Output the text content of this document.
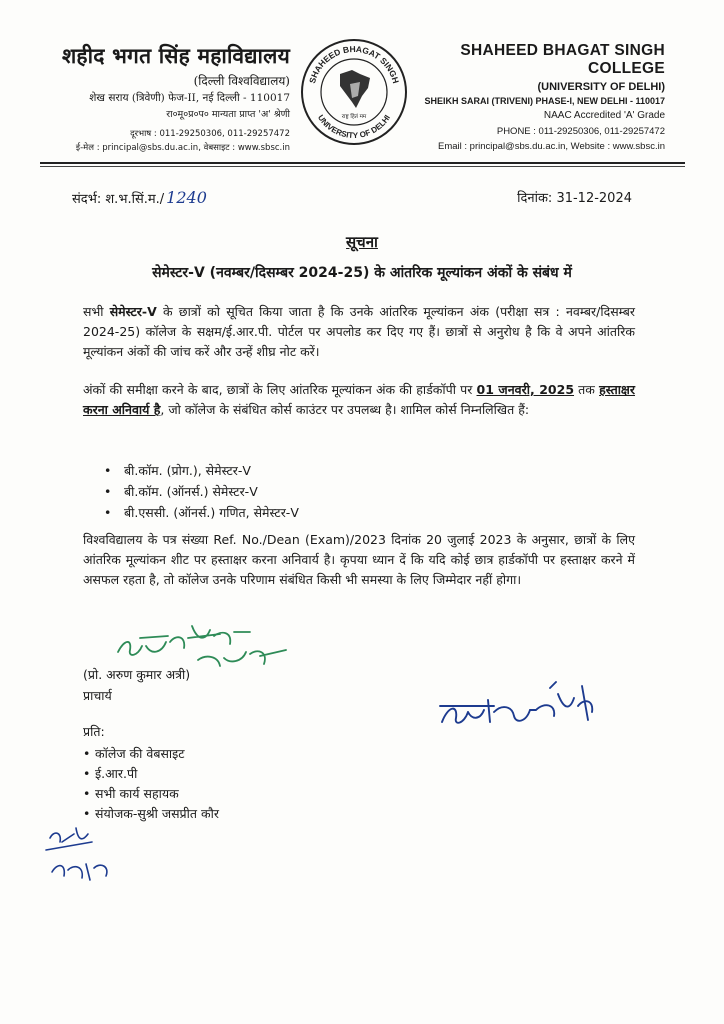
शहीद भगत सिंह महाविद्यालय
(दिल्ली विश्वविद्यालय)
शेख सराय (त्रिवेणी) फेज-II, नई दिल्ली - 110017
रा०मू०प्र०प० मान्यता प्राप्त 'अ' श्रेणी
दूरभाष : 011-29250306, 011-29257472
ई-मेल : principal@sbs.du.ac.in, वेबसाइट : www.sbsc.in
SHAHEED BHAGAT SINGH
UNIVERSITY OF DELHI
राष्ट्र हितं मम
SHAHEED BHAGAT SINGH COLLEGE
(UNIVERSITY OF DELHI)
SHEIKH SARAI (TRIVENI) PHASE-I, NEW DELHI - 110017
NAAC Accredited 'A' Grade
PHONE : 011-29250306, 011-29257472
Email : principal@sbs.du.ac.in, Website : www.sbsc.in
संदर्भ: श.भ.सिं.म./ 1240	दिनांक: 31-12-2024
सूचना
सेमेस्टर-V (नवम्बर/दिसम्बर 2024-25) के आंतरिक मूल्यांकन अंकों के संबंध में
सभी सेमेस्टर-V के छात्रों को सूचित किया जाता है कि उनके आंतरिक मूल्यांकन अंक (परीक्षा सत्र : नवम्बर/दिसम्बर 2024-25) कॉलेज के सक्षम/ई.आर.पी. पोर्टल पर अपलोड कर दिए गए हैं। छात्रों से अनुरोध है कि वे अपने आंतरिक मूल्यांकन अंकों की जांच करें और उन्हें शीघ्र नोट करें।
अंकों की समीक्षा करने के बाद, छात्रों के लिए आंतरिक मूल्यांकन अंक की हार्डकॉपी पर 01 जनवरी, 2025 तक हस्ताक्षर करना अनिवार्य है, जो कॉलेज के संबंधित कोर्स काउंटर पर उपलब्ध है। शामिल कोर्स निम्नलिखित हैं:
• बी.कॉम. (प्रोग.), सेमेस्टर-V
• बी.कॉम. (ऑनर्स.) सेमेस्टर-V
• बी.एससी. (ऑनर्स.) गणित, सेमेस्टर-V
विश्वविद्यालय के पत्र संख्या Ref. No./Dean (Exam)/2023 दिनांक 20 जुलाई 2023 के अनुसार, छात्रों के लिए आंतरिक मूल्यांकन शीट पर हस्ताक्षर करना अनिवार्य है। कृपया ध्यान दें कि यदि कोई छात्र हार्डकॉपी पर हस्ताक्षर करने में असफल रहता है, तो कॉलेज उनके परिणाम संबंधित किसी भी समस्या के लिए जिम्मेदार नहीं होगा।
(प्रो. अरुण कुमार अत्री)
प्राचार्य
प्रति:
• कॉलेज की वेबसाइट
• ई.आर.पी
• सभी कार्य सहायक
• संयोजक-सुश्री जसप्रीत कौर
